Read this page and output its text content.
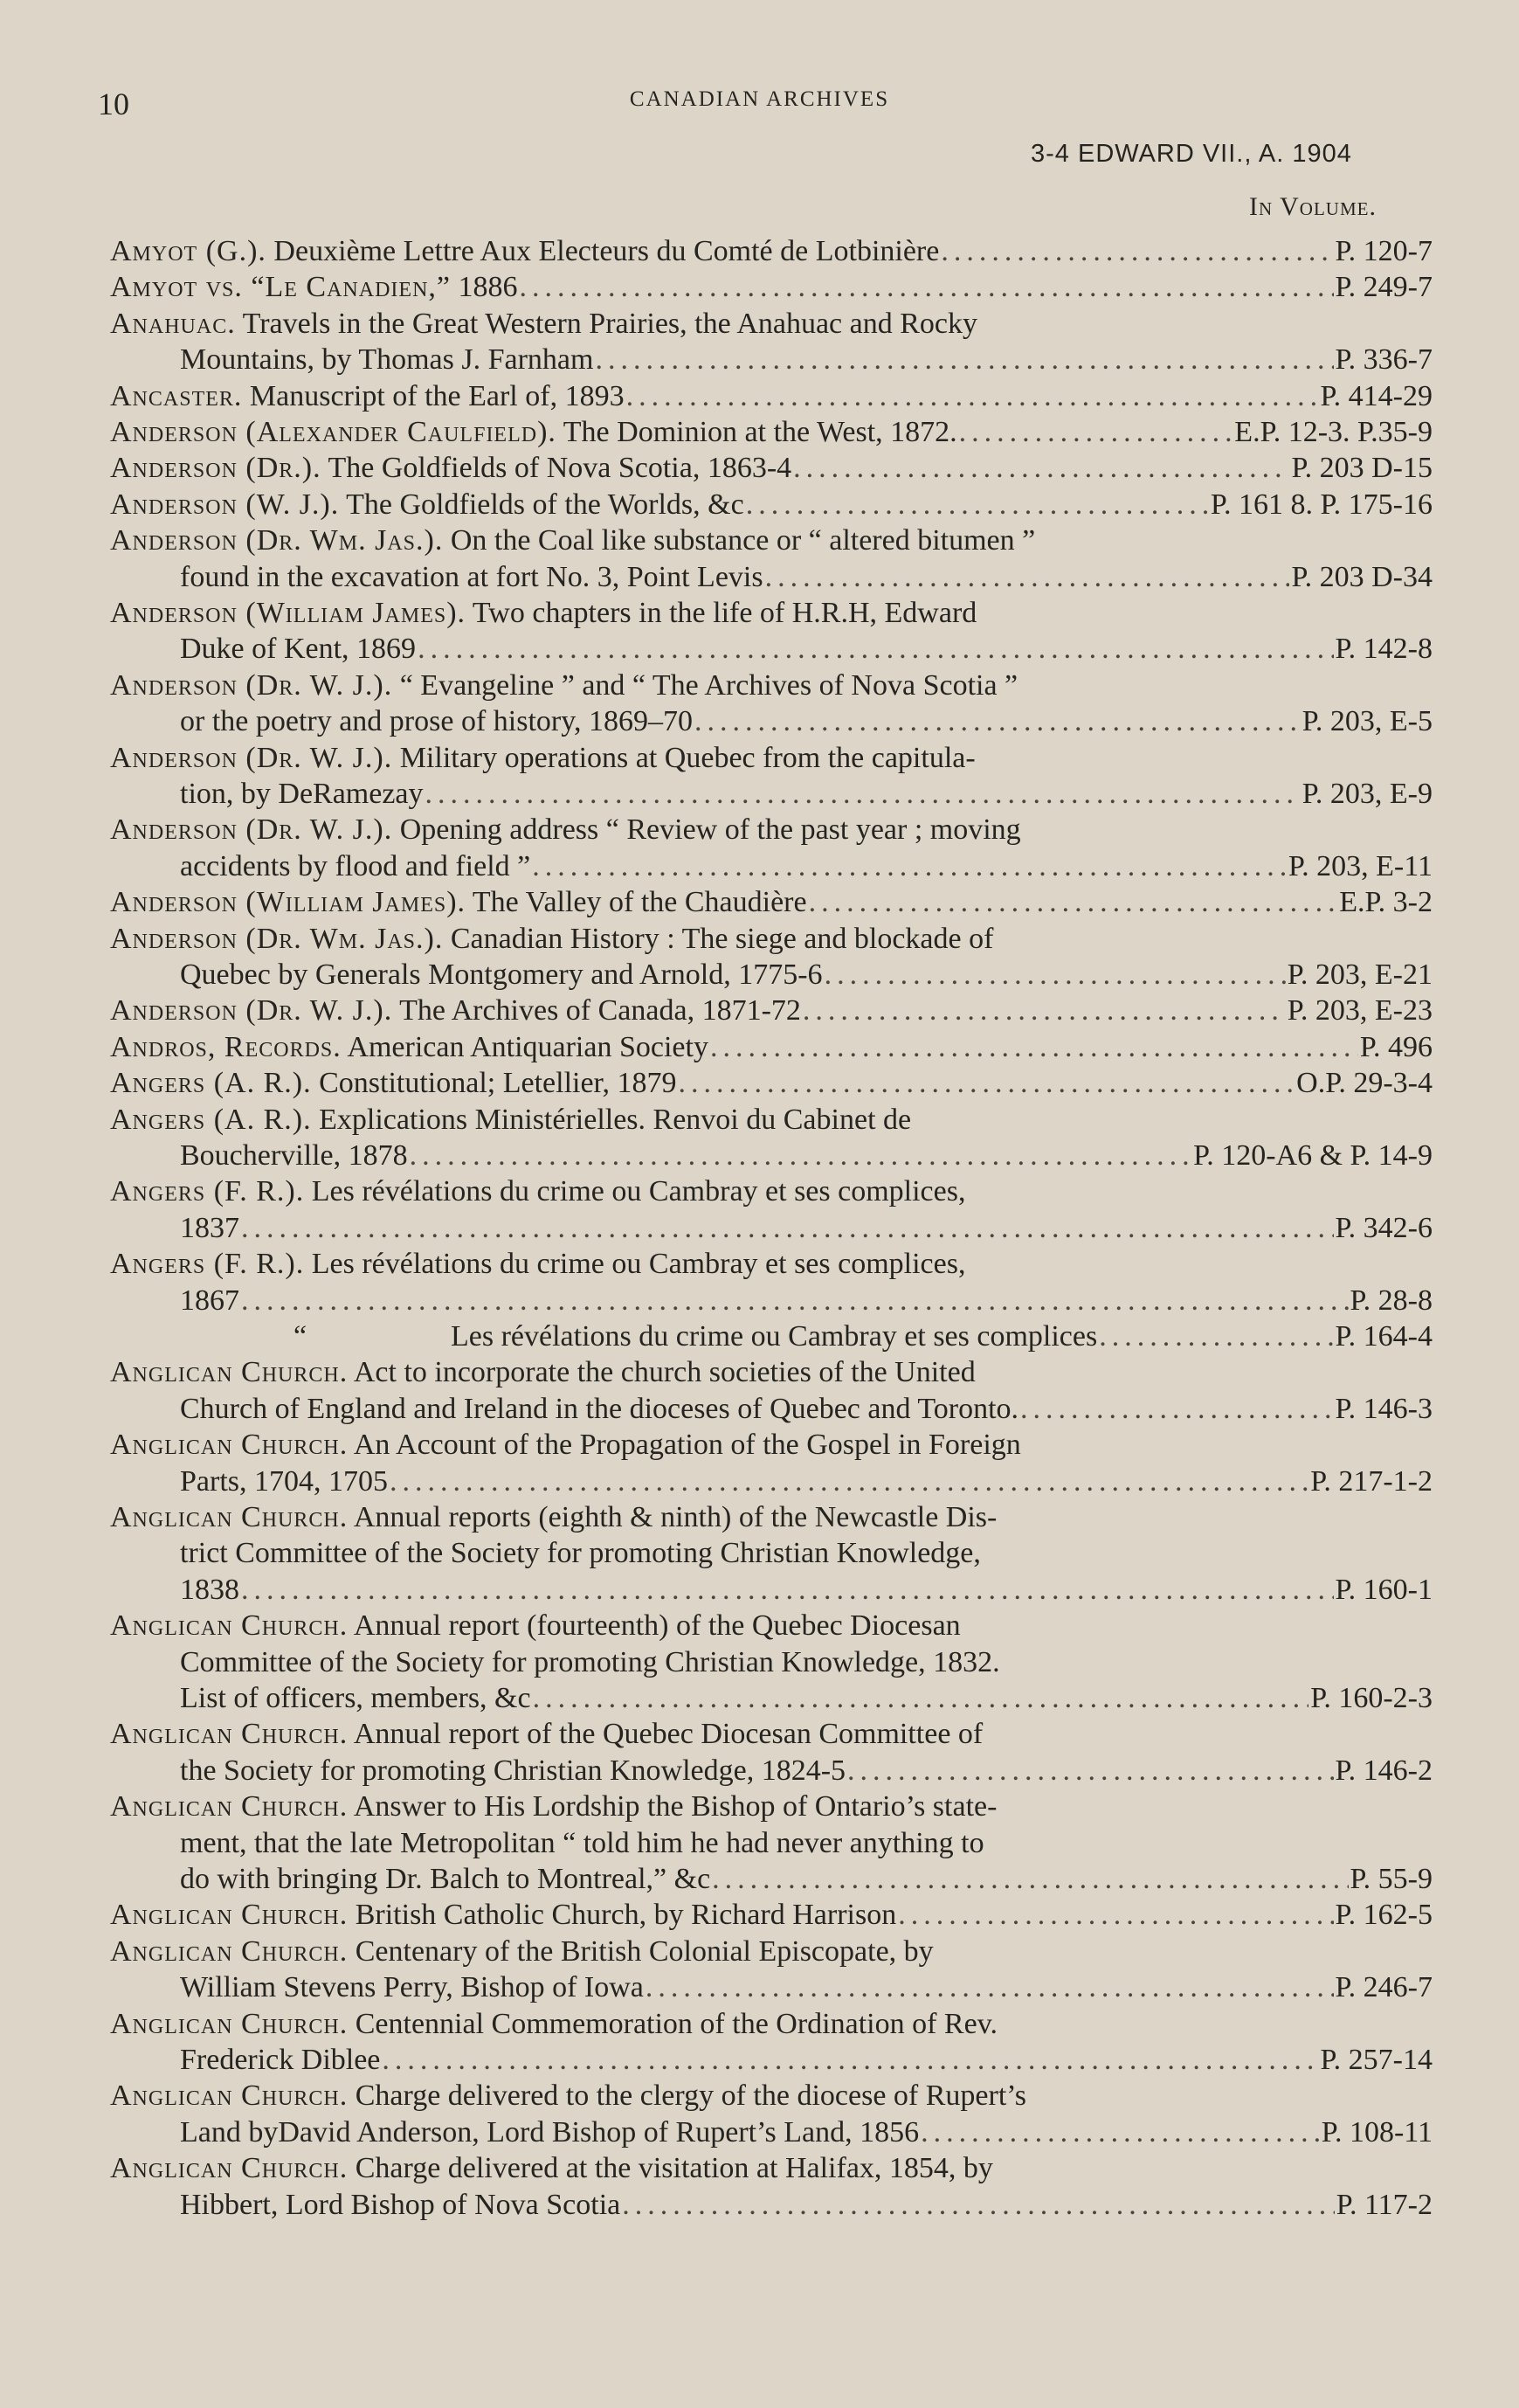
10	CANADIAN ARCHIVES
3-4 EDWARD VII., A. 1904
In Volume.
Amyot (G.). Deuxième Lettre Aux Electeurs du Comté de Lotbinière .....	P. 120-7
Amyot vs. “Le Canadien,” 1886 .....	P. 249-7
Anahuac. Travels in the Great Western Prairies, the Anahuac and Rocky
Mountains, by Thomas J. Farnham .....	P. 336-7
Ancaster. Manuscript of the Earl of, 1893 .....	P. 414-29
Anderson (Alexander Caulfield). The Dominion at the West, 1872. .....	E.P. 12-3. P.35-9
Anderson (Dr.). The Goldfields of Nova Scotia, 1863-4 .....	P. 203 D-15
Anderson (W. J.). The Goldfields of the Worlds, &c .....	P. 161 8. P. 175-16
Anderson (Dr. Wm. Jas.). On the Coal like substance or “ altered bitumen ”
found in the excavation at fort No. 3, Point Levis .....	P. 203 D-34
Anderson (William James). Two chapters in the life of H.R.H, Edward
Duke of Kent, 1869 .....	P. 142-8
Anderson (Dr. W. J.). “ Evangeline ” and “ The Archives of Nova Scotia ”
or the poetry and prose of history, 1869–70 .....	P. 203, E-5
Anderson (Dr. W. J.). Military operations at Quebec from the capitula-
tion, by DeRamezay .....	P. 203, E-9
Anderson (Dr. W. J.). Opening address “ Review of the past year ; moving
accidents by flood and field ” .....	P. 203, E-11
Anderson (William James). The Valley of the Chaudière .....	E.P. 3-2
Anderson (Dr. Wm. Jas.). Canadian History : The siege and blockade of
Quebec by Generals Montgomery and Arnold, 1775-6 .....	P. 203, E-21
Anderson (Dr. W. J.). The Archives of Canada, 1871-72 .....	P. 203, E-23
Andros, Records. American Antiquarian Society .....	P. 496
Angers (A. R.). Constitutional; Letellier, 1879 .....	O.P. 29-3-4
Angers (A. R.). Explications Ministérielles. Renvoi du Cabinet de
Boucherville, 1878 .....	P. 120-A6 & P. 14-9
Angers (F. R.). Les révélations du crime ou Cambray et ses complices,
1837 .....	P. 342-6
Angers (F. R.). Les révélations du crime ou Cambray et ses complices,
1867 .....	P. 28-8
“	Les révélations du crime ou Cambray et ses complices .....	P. 164-4
Anglican Church. Act to incorporate the church societies of the United
Church of England and Ireland in the dioceses of Quebec and Toronto. .....	P. 146-3
Anglican Church. An Account of the Propagation of the Gospel in Foreign
Parts, 1704, 1705 .....	P. 217-1-2
Anglican Church. Annual reports (eighth & ninth) of the Newcastle Dis-
trict Committee of the Society for promoting Christian Knowledge,
1838 .....	P. 160-1
Anglican Church. Annual report (fourteenth) of the Quebec Diocesan
Committee of the Society for promoting Christian Knowledge, 1832.
List of officers, members, &c .....	P. 160-2-3
Anglican Church. Annual report of the Quebec Diocesan Committee of
the Society for promoting Christian Knowledge, 1824-5 .....	P. 146-2
Anglican Church. Answer to His Lordship the Bishop of Ontario’s state-
ment, that the late Metropolitan “ told him he had never anything to
do with bringing Dr. Balch to Montreal,” &c .....	P. 55-9
Anglican Church. British Catholic Church, by Richard Harrison .....	P. 162-5
Anglican Church. Centenary of the British Colonial Episcopate, by
William Stevens Perry, Bishop of Iowa .....	P. 246-7
Anglican Church. Centennial Commemoration of the Ordination of Rev.
Frederick Diblee .....	P. 257-14
Anglican Church. Charge delivered to the clergy of the diocese of Rupert’s
Land byDavid Anderson, Lord Bishop of Rupert’s Land, 1856 .....	P. 108-11
Anglican Church. Charge delivered at the visitation at Halifax, 1854, by
Hibbert, Lord Bishop of Nova Scotia .....	P. 117-2
